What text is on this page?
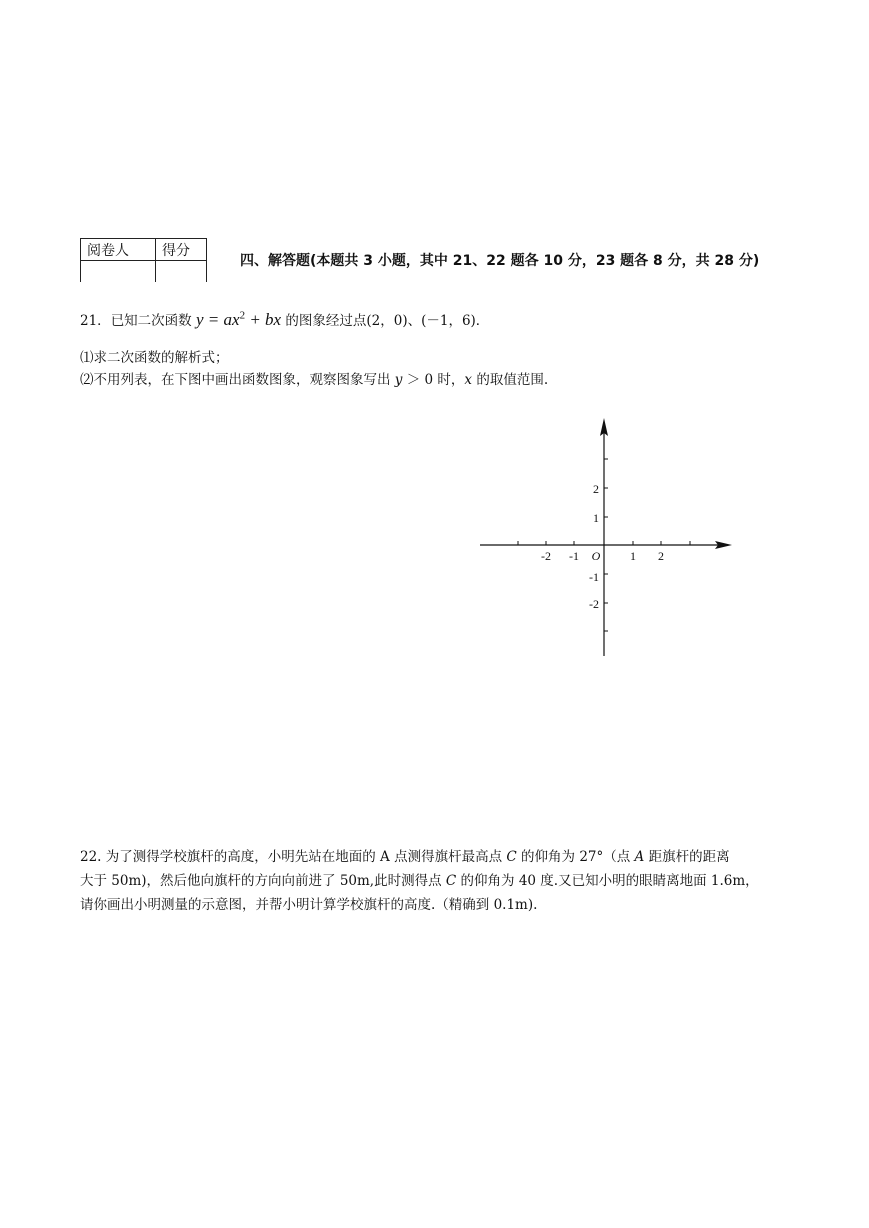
阅卷人	得分

四、解答题(本题共 3 小题，其中 21、22 题各 10 分，23 题各 8 分，共 28 分)
21．已知二次函数 $y = ax^2$ + bx 的图象经过点(2，0)、(－1，6)．
⑴求二次函数的解析式；
⑵不用列表，在下图中画出函数图象，观察图象写出 y ＞ 0 时，x 的取值范围.
-2 -1 O 1 2
2
1
-1
-2
22. 为了测得学校旗杆的高度，小明先站在地面的 A 点测得旗杆最高点 C 的仰角为 27°（点 A 距旗杆的距离
大于 50m)，然后他向旗杆的方向向前进了 50m,此时测得点 C 的仰角为 40 度.又已知小明的眼睛离地面 1.6m，
请你画出小明测量的示意图，并帮小明计算学校旗杆的高度.（精确到 0.1m).
